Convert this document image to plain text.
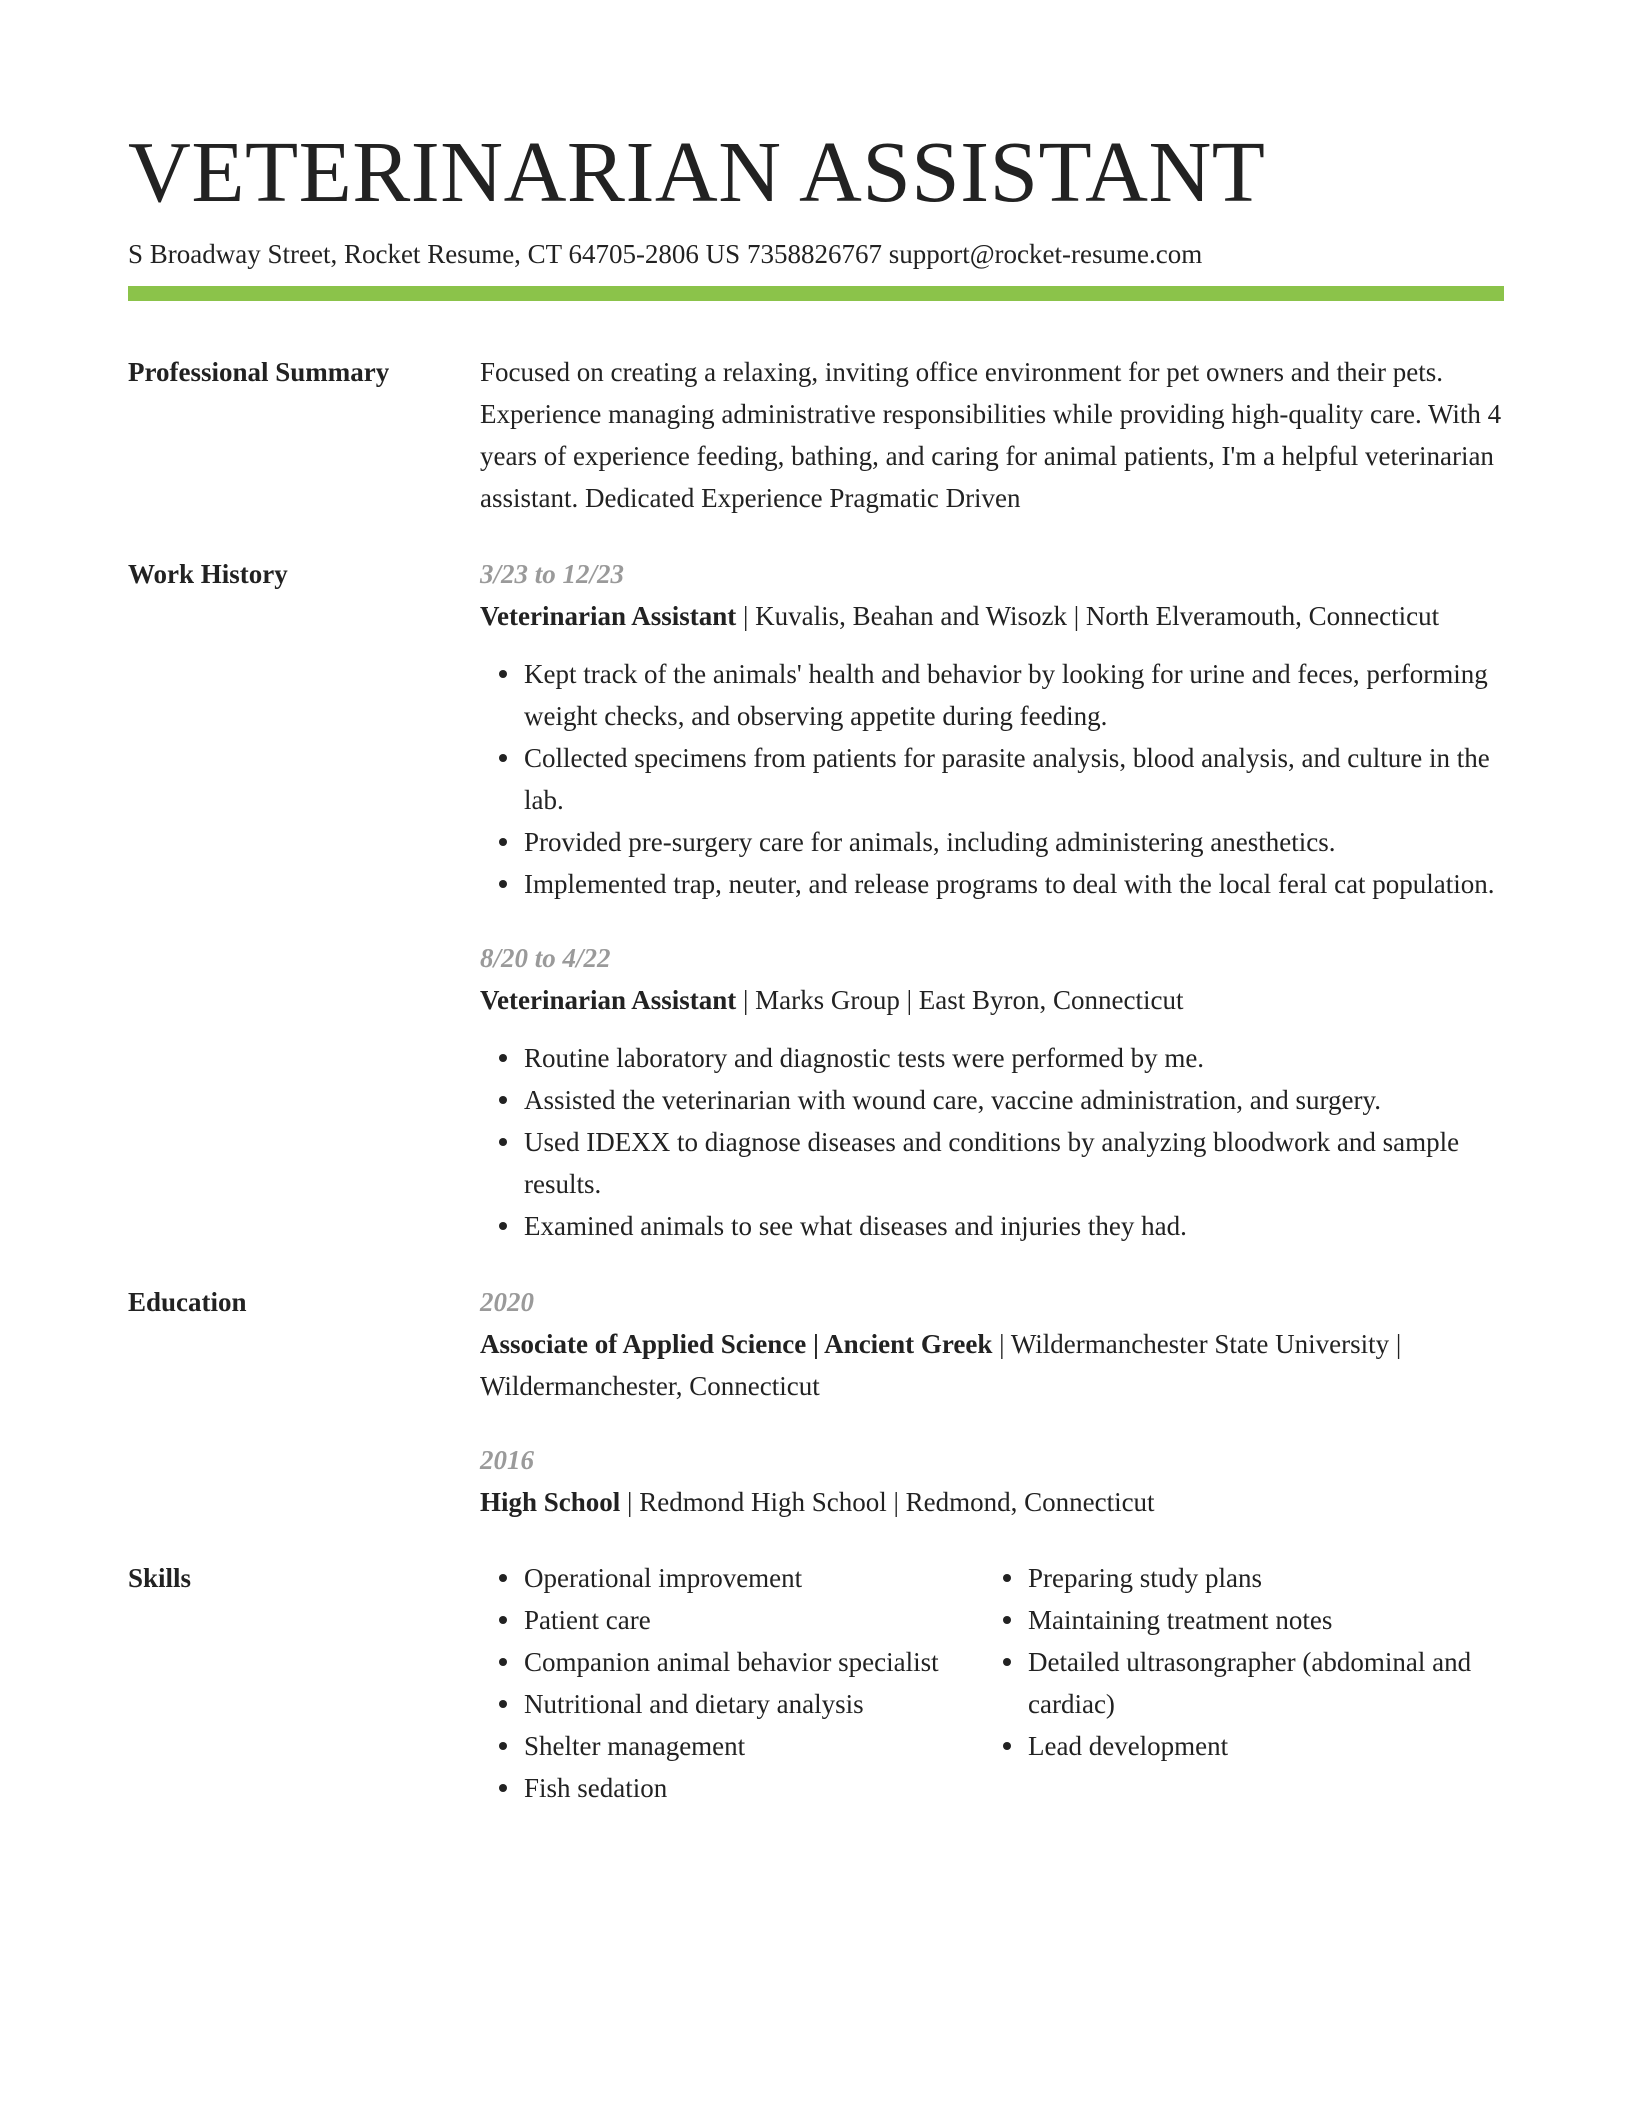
VETERINARIAN ASSISTANT
S Broadway Street, Rocket Resume, CT 64705-2806 US 7358826767 support@rocket-resume.com
Professional Summary	Focused on creating a relaxing, inviting office environment for pet owners and their pets. Experience managing administrative responsibilities while providing high-quality care. With 4 years of experience feeding, bathing, and caring for animal patients, I'm a helpful veterinarian assistant. Dedicated Experience Pragmatic Driven
Work History	3/23 to 12/23
Veterinarian Assistant | Kuvalis, Beahan and Wisozk | North Elveramouth, Connecticut
Kept track of the animals' health and behavior by looking for urine and feces, performing weight checks, and observing appetite during feeding.
Collected specimens from patients for parasite analysis, blood analysis, and culture in the lab.
Provided pre-surgery care for animals, including administering anesthetics.
Implemented trap, neuter, and release programs to deal with the local feral cat population.
8/20 to 4/22
Veterinarian Assistant | Marks Group | East Byron, Connecticut
Routine laboratory and diagnostic tests were performed by me.
Assisted the veterinarian with wound care, vaccine administration, and surgery.
Used IDEXX to diagnose diseases and conditions by analyzing bloodwork and sample results.
Examined animals to see what diseases and injuries they had.
Education	2020
Associate of Applied Science | Ancient Greek | Wildermanchester State University | Wildermanchester, Connecticut
2016
High School | Redmond High School | Redmond, Connecticut
Skills	Operational improvement
Patient care
Companion animal behavior specialist
Nutritional and dietary analysis
Shelter management
Fish sedation
Preparing study plans
Maintaining treatment notes
Detailed ultrasongrapher (abdominal and cardiac)
Lead development
